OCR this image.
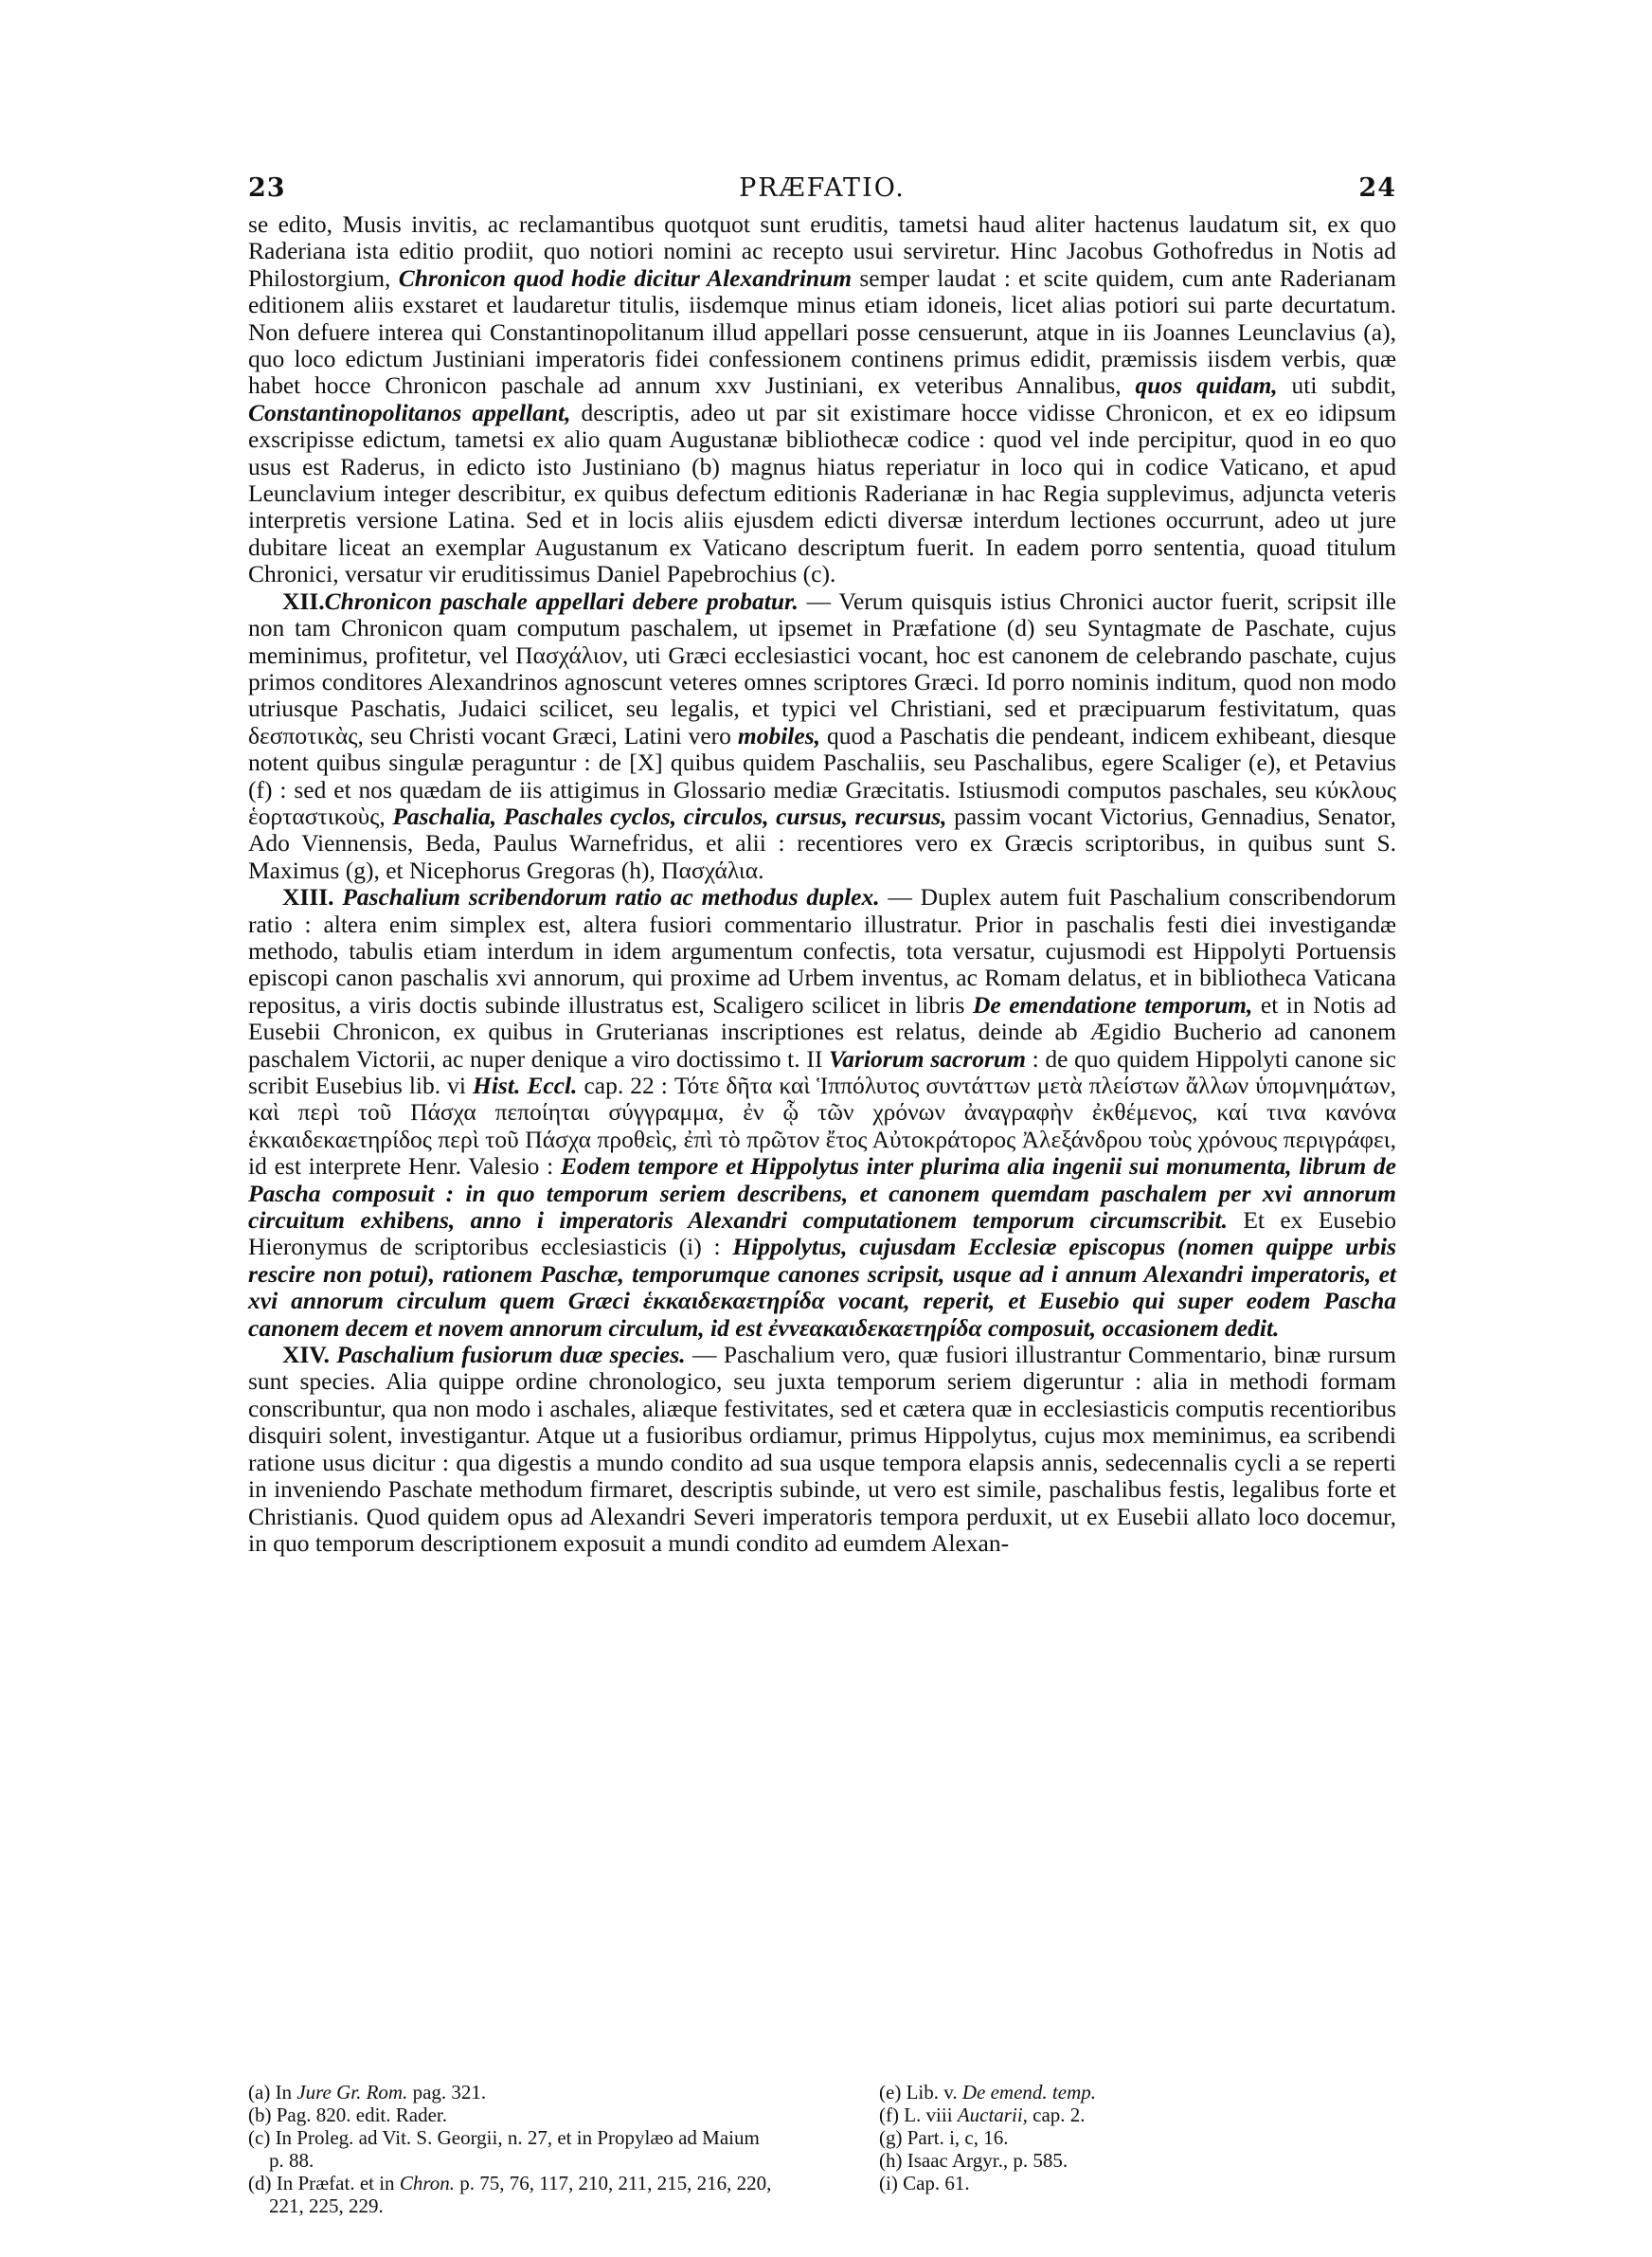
23	PRÆFATIO.	24

se edito, Musis invitis, ac reclamantibus quotquot sunt eruditis, tametsi haud aliter hactenus laudatum sit, ex quo Raderiana ista editio prodiit, quo notiori nomini ac recepto usui serviretur. Hinc Jacobus Gothofredus in Notis ad Philostorgium, Chronicon quod hodie dicitur Alexandrinum semper laudat : et scite quidem, cum ante Raderianam editionem aliis exstaret et laudaretur titulis, iisdemque minus etiam idoneis, licet alias potiori sui parte decurtatum. Non defuere interea qui Constantinopolitanum illud appellari posse censuerunt, atque in iis Joannes Leunclavius (a), quo loco edictum Justiniani imperatoris fidei confessionem continens primus edidit, præmissis iisdem verbis, quæ habet hocce Chronicon paschale ad annum xxv Justiniani, ex veteribus Annalibus, quos quidam, uti subdit, Constantinopolitanos appellant, descriptis, adeo ut par sit existimare hocce vidisse Chronicon, et ex eo idipsum exscripisse edictum, tametsi ex alio quam Augustanæ bibliothecæ codice : quod vel inde percipitur, quod in eo quo usus est Raderus, in edicto isto Justiniano (b) magnus hiatus reperiatur in loco qui in codice Vaticano, et apud Leunclavium integer describitur, ex quibus defectum editionis Raderianæ in hac Regia supplevimus, adjuncta veteris interpretis versione Latina. Sed et in locis aliis ejusdem edicti diversæ interdum lectiones occurrunt, adeo ut jure dubitare liceat an exemplar Augustanum ex Vaticano descriptum fuerit. In eadem porro sententia, quoad titulum Chronici, versatur vir eruditissimus Daniel Papebrochius (c).

XII.Chronicon paschale appellari debere probatur. — Verum quisquis istius Chronici auctor fuerit, scripsit ille non tam Chronicon quam computum paschalem, ut ipsemet in Præfatione (d) seu Syntagmate de Paschate, cujus meminimus, profitetur, vel Πασχάλιον, uti Græci ecclesiastici vocant, hoc est canonem de celebrando paschate, cujus primos conditores Alexandrinos agnoscunt veteres omnes scriptores Græci. Id porro nominis inditum, quod non modo utriusque Paschatis, Judaici scilicet, seu legalis, et typici vel Christiani, sed et præcipuarum festivitatum, quas δεσποτικὰς, seu Christi vocant Græci, Latini vero mobiles, quod a Paschatis die pendeant, indicem exhibeant, diesque notent quibus singulæ peraguntur : de [X] quibus quidem Paschaliis, seu Paschalibus, egere Scaliger (e), et Petavius (f) : sed et nos quædam de iis attigimus in Glossario mediæ Græcitatis. Istiusmodi computos paschales, seu κύκλους ἑορταστικοὺς, Paschalia, Paschales cyclos, circulos, cursus, recursus, passim vocant Victorius, Gennadius, Senator, Ado Viennensis, Beda, Paulus Warnefridus, et alii : recentiores vero ex Græcis scriptoribus, in quibus sunt S. Maximus (g), et Nicephorus Gregoras (h), Πασχάλια.

XIII. Paschalium scribendorum ratio ac methodus duplex. — Duplex autem fuit Paschalium conscribendorum ratio : altera enim simplex est, altera fusiori commentario illustratur. Prior in paschalis festi diei investigandæ methodo, tabulis etiam interdum in idem argumentum confectis, tota versatur, cujusmodi est Hippolyti Portuensis episcopi canon paschalis xvi annorum, qui proxime ad Urbem inventus, ac Romam delatus, et in bibliotheca Vaticana repositus, a viris doctis subinde illustratus est, Scaligero scilicet in libris De emendatione temporum, et in Notis ad Eusebii Chronicon, ex quibus in Gruterianas inscriptiones est relatus, deinde ab Ægidio Bucherio ad canonem paschalem Victorii, ac nuper denique a viro doctissimo t. II Variorum sacrorum : de quo quidem Hippolyti canone sic scribit Eusebius lib. vi Hist. Eccl. cap. 22 : Τότε δῆτα καὶ Ἱππόλυτος συντάττων μετὰ πλείστων ἄλλων ὑπομνημάτων, καὶ περὶ τοῦ Πάσχα πεποίηται σύγγραμμα, ἐν ᾧ τῶν χρόνων ἀναγραφὴν ἐκθέμενος, καί τινα κανόνα ἑκκαιδεκαετηρίδος περὶ τοῦ Πάσχα προθεὶς, ἐπὶ τὸ πρῶτον ἔτος Αὐτοκράτορος Ἀλεξάνδρου τοὺς χρόνους περιγράφει, id est interprete Henr. Valesio : Eodem tempore et Hippolytus inter plurima alia ingenii sui monumenta, librum de Pascha composuit : in quo temporum seriem describens, et canonem quemdam paschalem per xvi annorum circuitum exhibens, anno i imperatoris Alexandri computationem temporum circumscribit. Et ex Eusebio Hieronymus de scriptoribus ecclesiasticis (i) : Hippolytus, cujusdam Ecclesiæ episcopus (nomen quippe urbis rescire non potui), rationem Paschæ, temporumque canones scripsit, usque ad i annum Alexandri imperatoris, et xvi annorum circulum quem Græci ἑκκαιδεκαετηρίδα vocant, reperit, et Eusebio qui super eodem Pascha canonem decem et novem annorum circulum, id est ἐννεακαιδεκαετηρίδα composuit, occasionem dedit.

XIV. Paschalium fusiorum duæ species. — Paschalium vero, quæ fusiori illustrantur Commentario, binæ rursum sunt species. Alia quippe ordine chronologico, seu juxta temporum seriem digeruntur : alia in methodi formam conscribuntur, qua non modo i aschales, aliæque festivitates, sed et cætera quæ in ecclesiasticis computis recentioribus disquiri solent, investigantur. Atque ut a fusioribus ordiamur, primus Hippolytus, cujus mox meminimus, ea scribendi ratione usus dicitur : qua digestis a mundo condito ad sua usque tempora elapsis annis, sedecennalis cycli a se reperti in inveniendo Paschate methodum firmaret, descriptis subinde, ut vero est simile, paschalibus festis, legalibus forte et Christianis. Quod quidem opus ad Alexandri Severi imperatoris tempora perduxit, ut ex Eusebii allato loco docemur, in quo temporum descriptionem exposuit a mundi condito ad eumdem Alexan-

(a) In Jure Gr. Rom. pag. 321.

(b) Pag. 820. edit. Rader.

(c) In Proleg. ad Vit. S. Georgii, n. 27, et in Propylæo ad Maium p. 88.

(d) In Præfat. et in Chron. p. 75, 76, 117, 210, 211, 215, 216, 220, 221, 225, 229.

(e) Lib. v. De emend. temp.

(f) L. viii Auctarii, cap. 2.

(g) Part. i, c, 16.

(h) Isaac Argyr., p. 585.

(i) Cap. 61.
